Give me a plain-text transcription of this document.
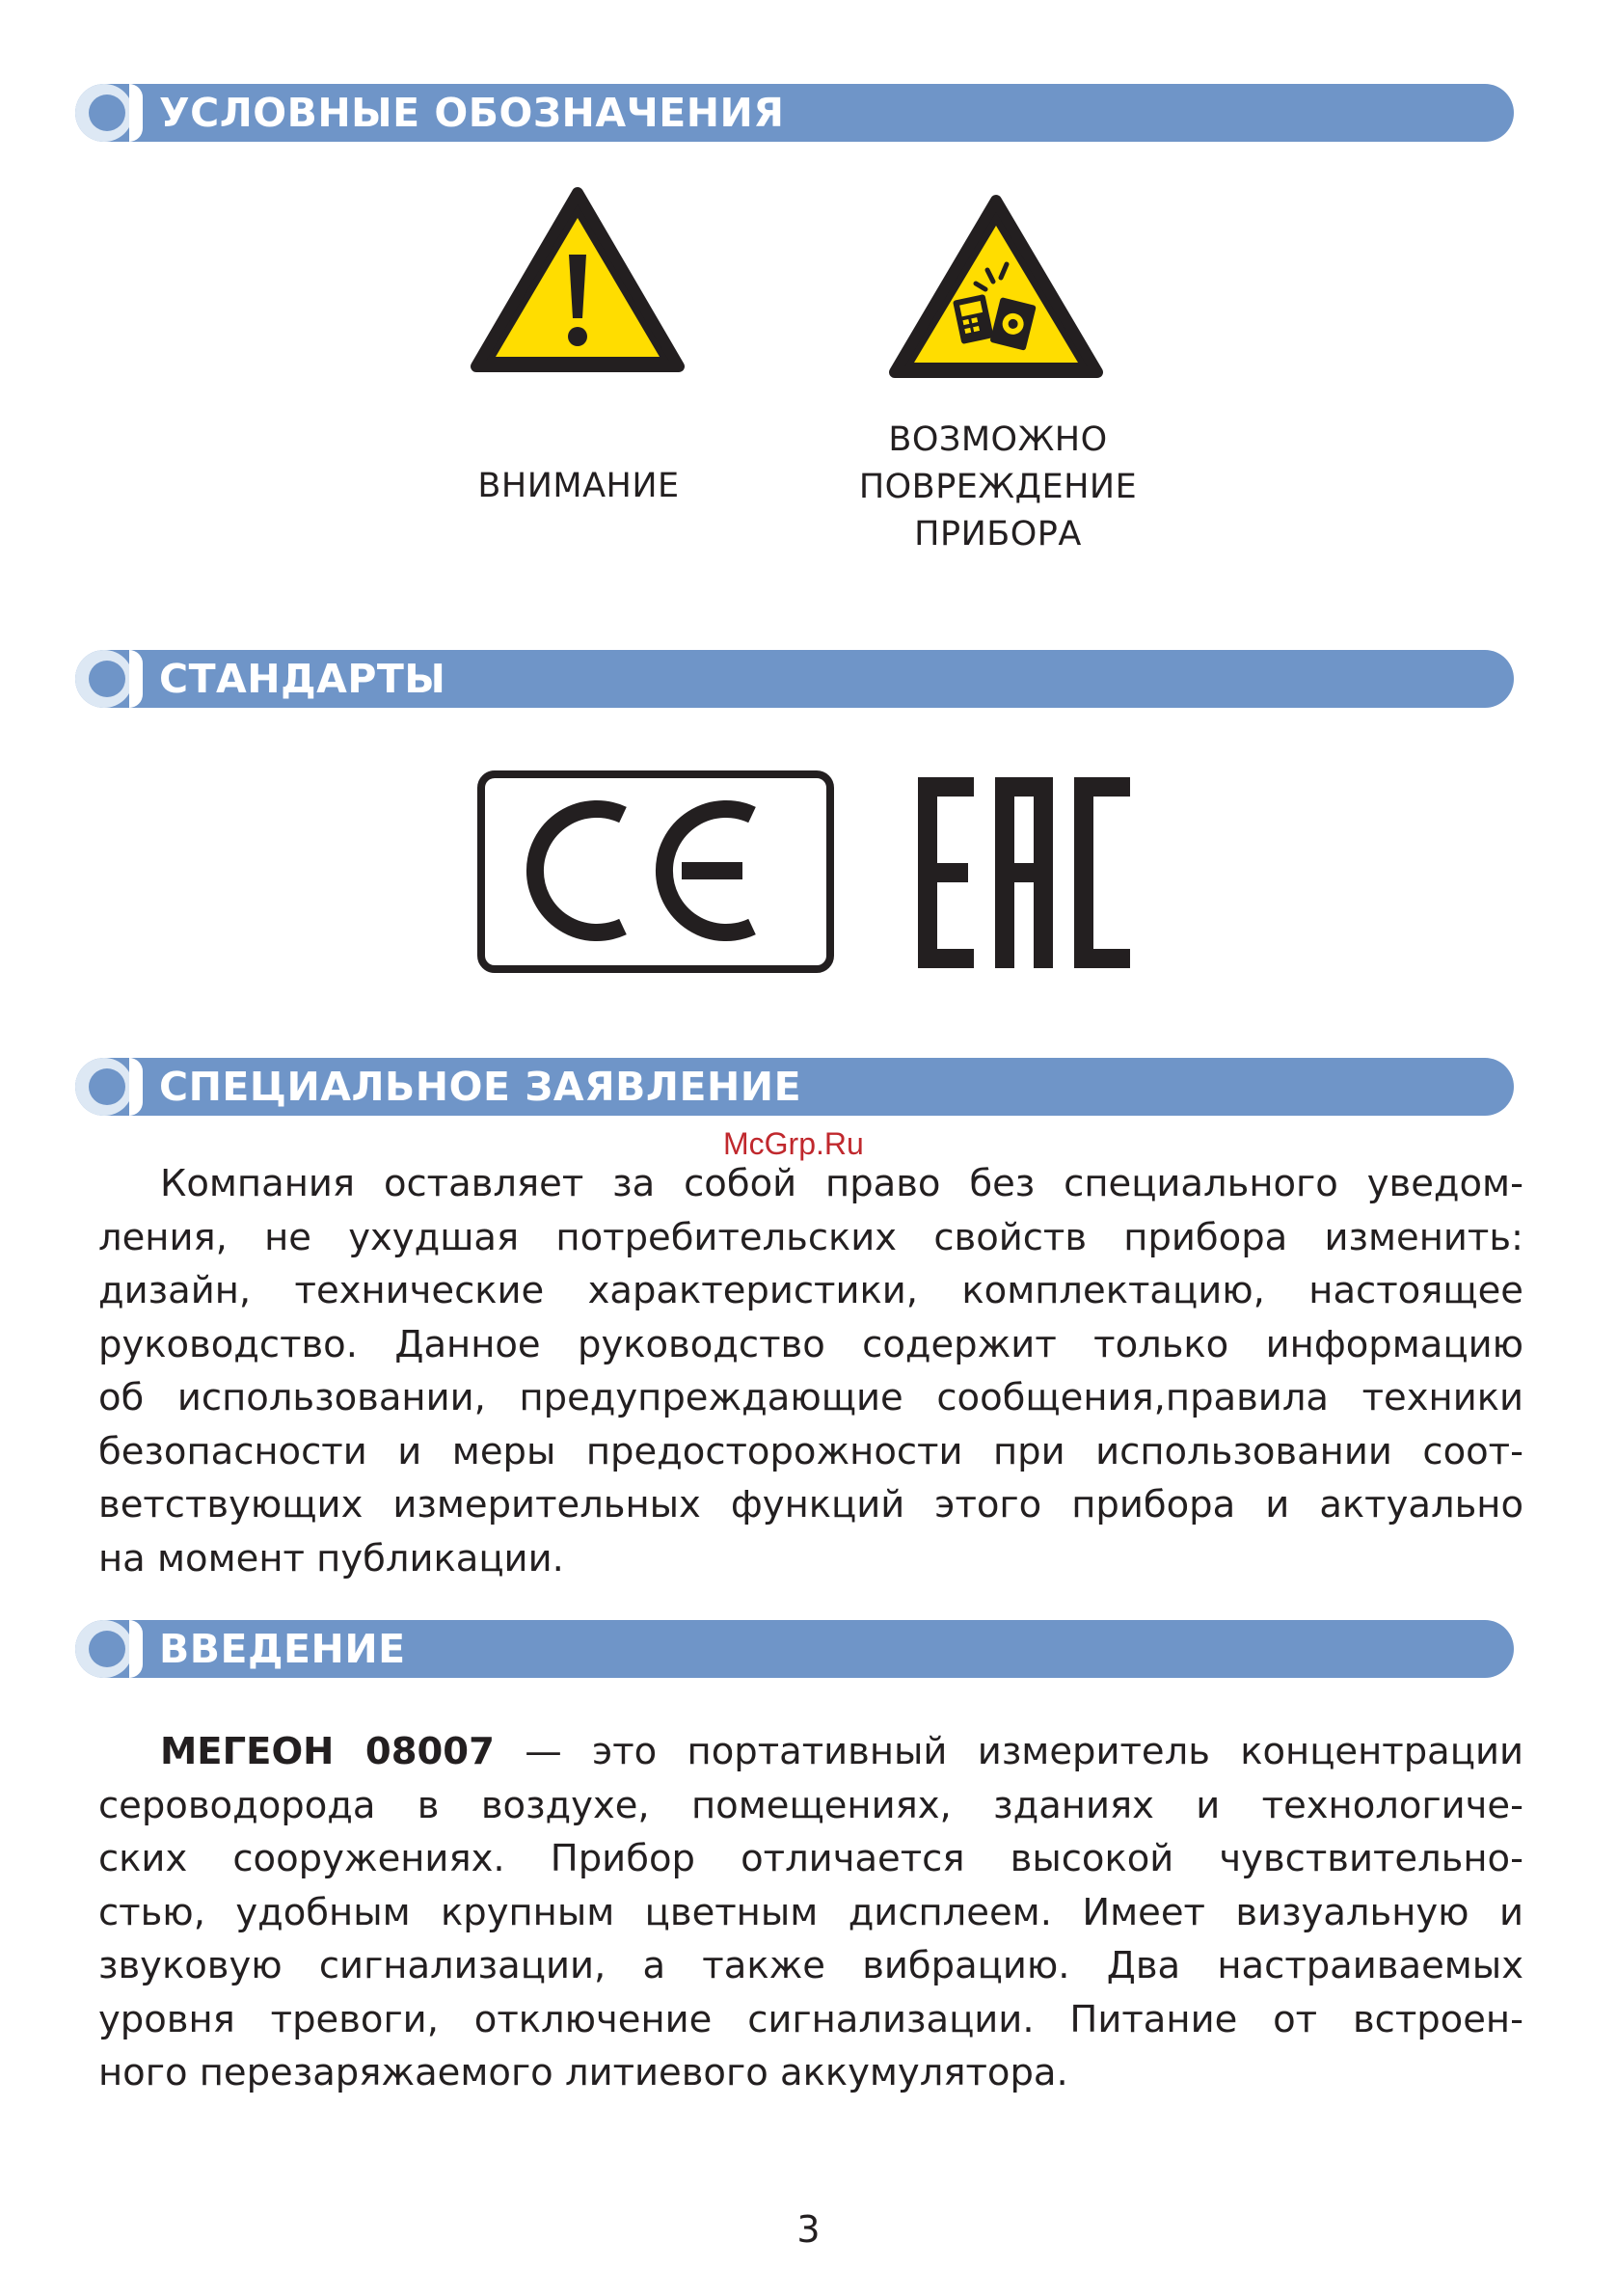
УСЛОВНЫЕ ОБОЗНАЧЕНИЯ
ВНИМАНИЕ
ВОЗМОЖНО
ПОВРЕЖДЕНИЕ
ПРИБОРА
СТАНДАРТЫ
СПЕЦИАЛЬНОЕ ЗАЯВЛЕНИЕ
McGrp.Ru
Компания оставляет за собой право без специального уведом-
ления, не ухудшая потребительских свойств прибора изменить:
дизайн, технические характеристики, комплектацию, настоящее
руководство. Данное руководство содержит только информацию
об использовании, предупреждающие сообщения,правила техники
безопасности и меры предосторожности при использовании соот-
ветствующих измерительных функций этого прибора и актуально
на момент публикации.
ВВЕДЕНИЕ
МЕГЕОН 08007 — это портативный измеритель концентрации
сероводорода в воздухе, помещениях, зданиях и технологиче-
ских сооружениях. Прибор отличается высокой чувствительно-
стью, удобным крупным цветным дисплеем. Имеет визуальную и
звуковую сигнализации, а также вибрацию. Два настраиваемых
уровня тревоги, отключение сигнализации. Питание от встроен-
ного перезаряжаемого литиевого аккумулятора.
3
